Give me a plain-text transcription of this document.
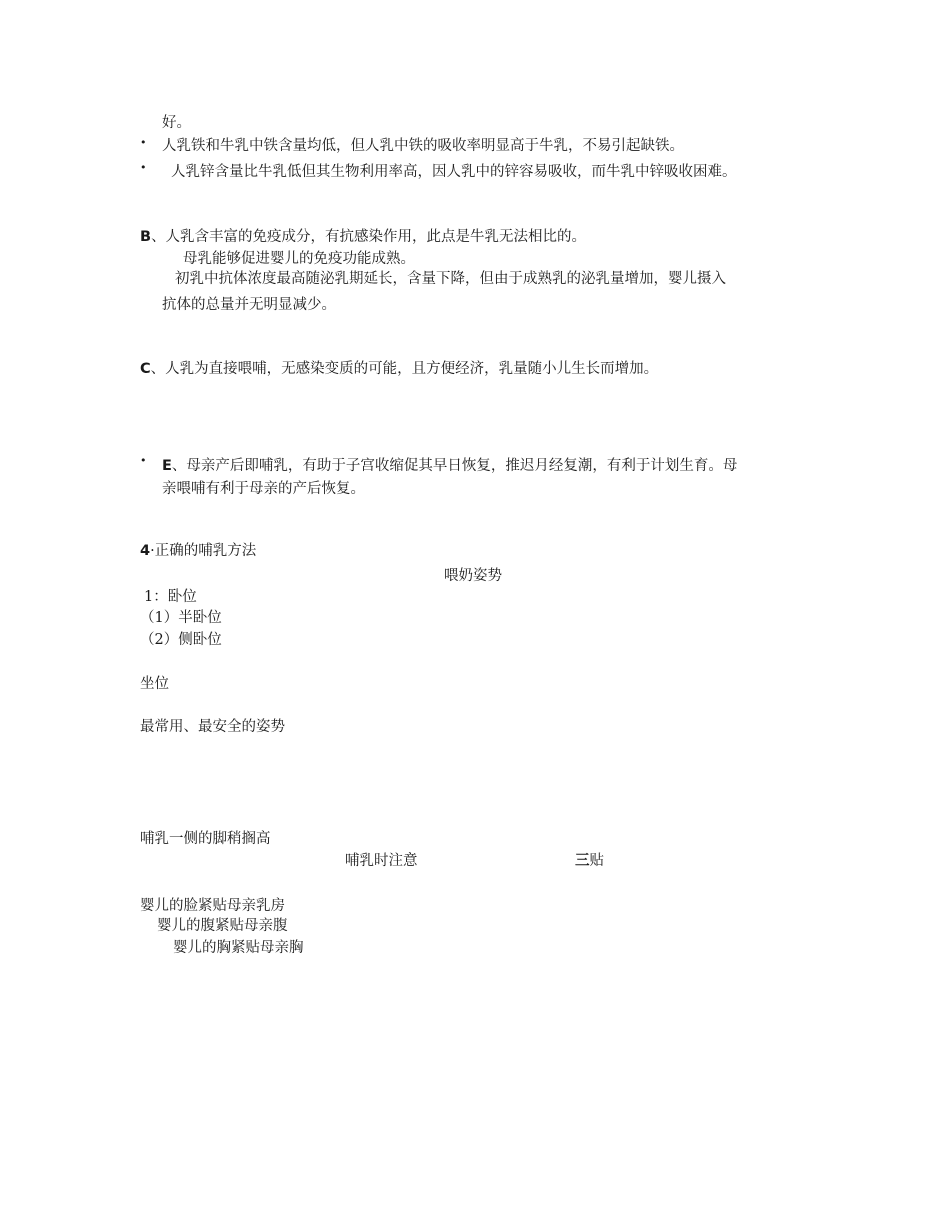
好。
• 人乳铁和牛乳中铁含量均低，但人乳中铁的吸收率明显高于牛乳，不易引起缺铁。
• 人乳锌含量比牛乳低但其生物利用率高，因人乳中的锌容易吸收，而牛乳中锌吸收困难。
B、人乳含丰富的免疫成分，有抗感染作用，此点是牛乳无法相比的。
母乳能够促进婴儿的免疫功能成熟。
初乳中抗体浓度最高随泌乳期延长，含量下降，但由于成熟乳的泌乳量增加，婴儿摄入
抗体的总量并无明显减少。
C、人乳为直接喂哺，无感染变质的可能，且方便经济，乳量随小儿生长而增加。
• E、母亲产后即哺乳，有助于子宫收缩促其早日恢复，推迟月经复潮，有利于计划生育。母
亲喂哺有利于母亲的产后恢复。
4·正确的哺乳方法
喂奶姿势
1：卧位
（1）半卧位
（2）侧卧位
坐位
最常用、最安全的姿势
哺乳一侧的脚稍搁高
哺乳时注意	三贴
婴儿的脸紧贴母亲乳房
婴儿的腹紧贴母亲腹
婴儿的胸紧贴母亲胸
